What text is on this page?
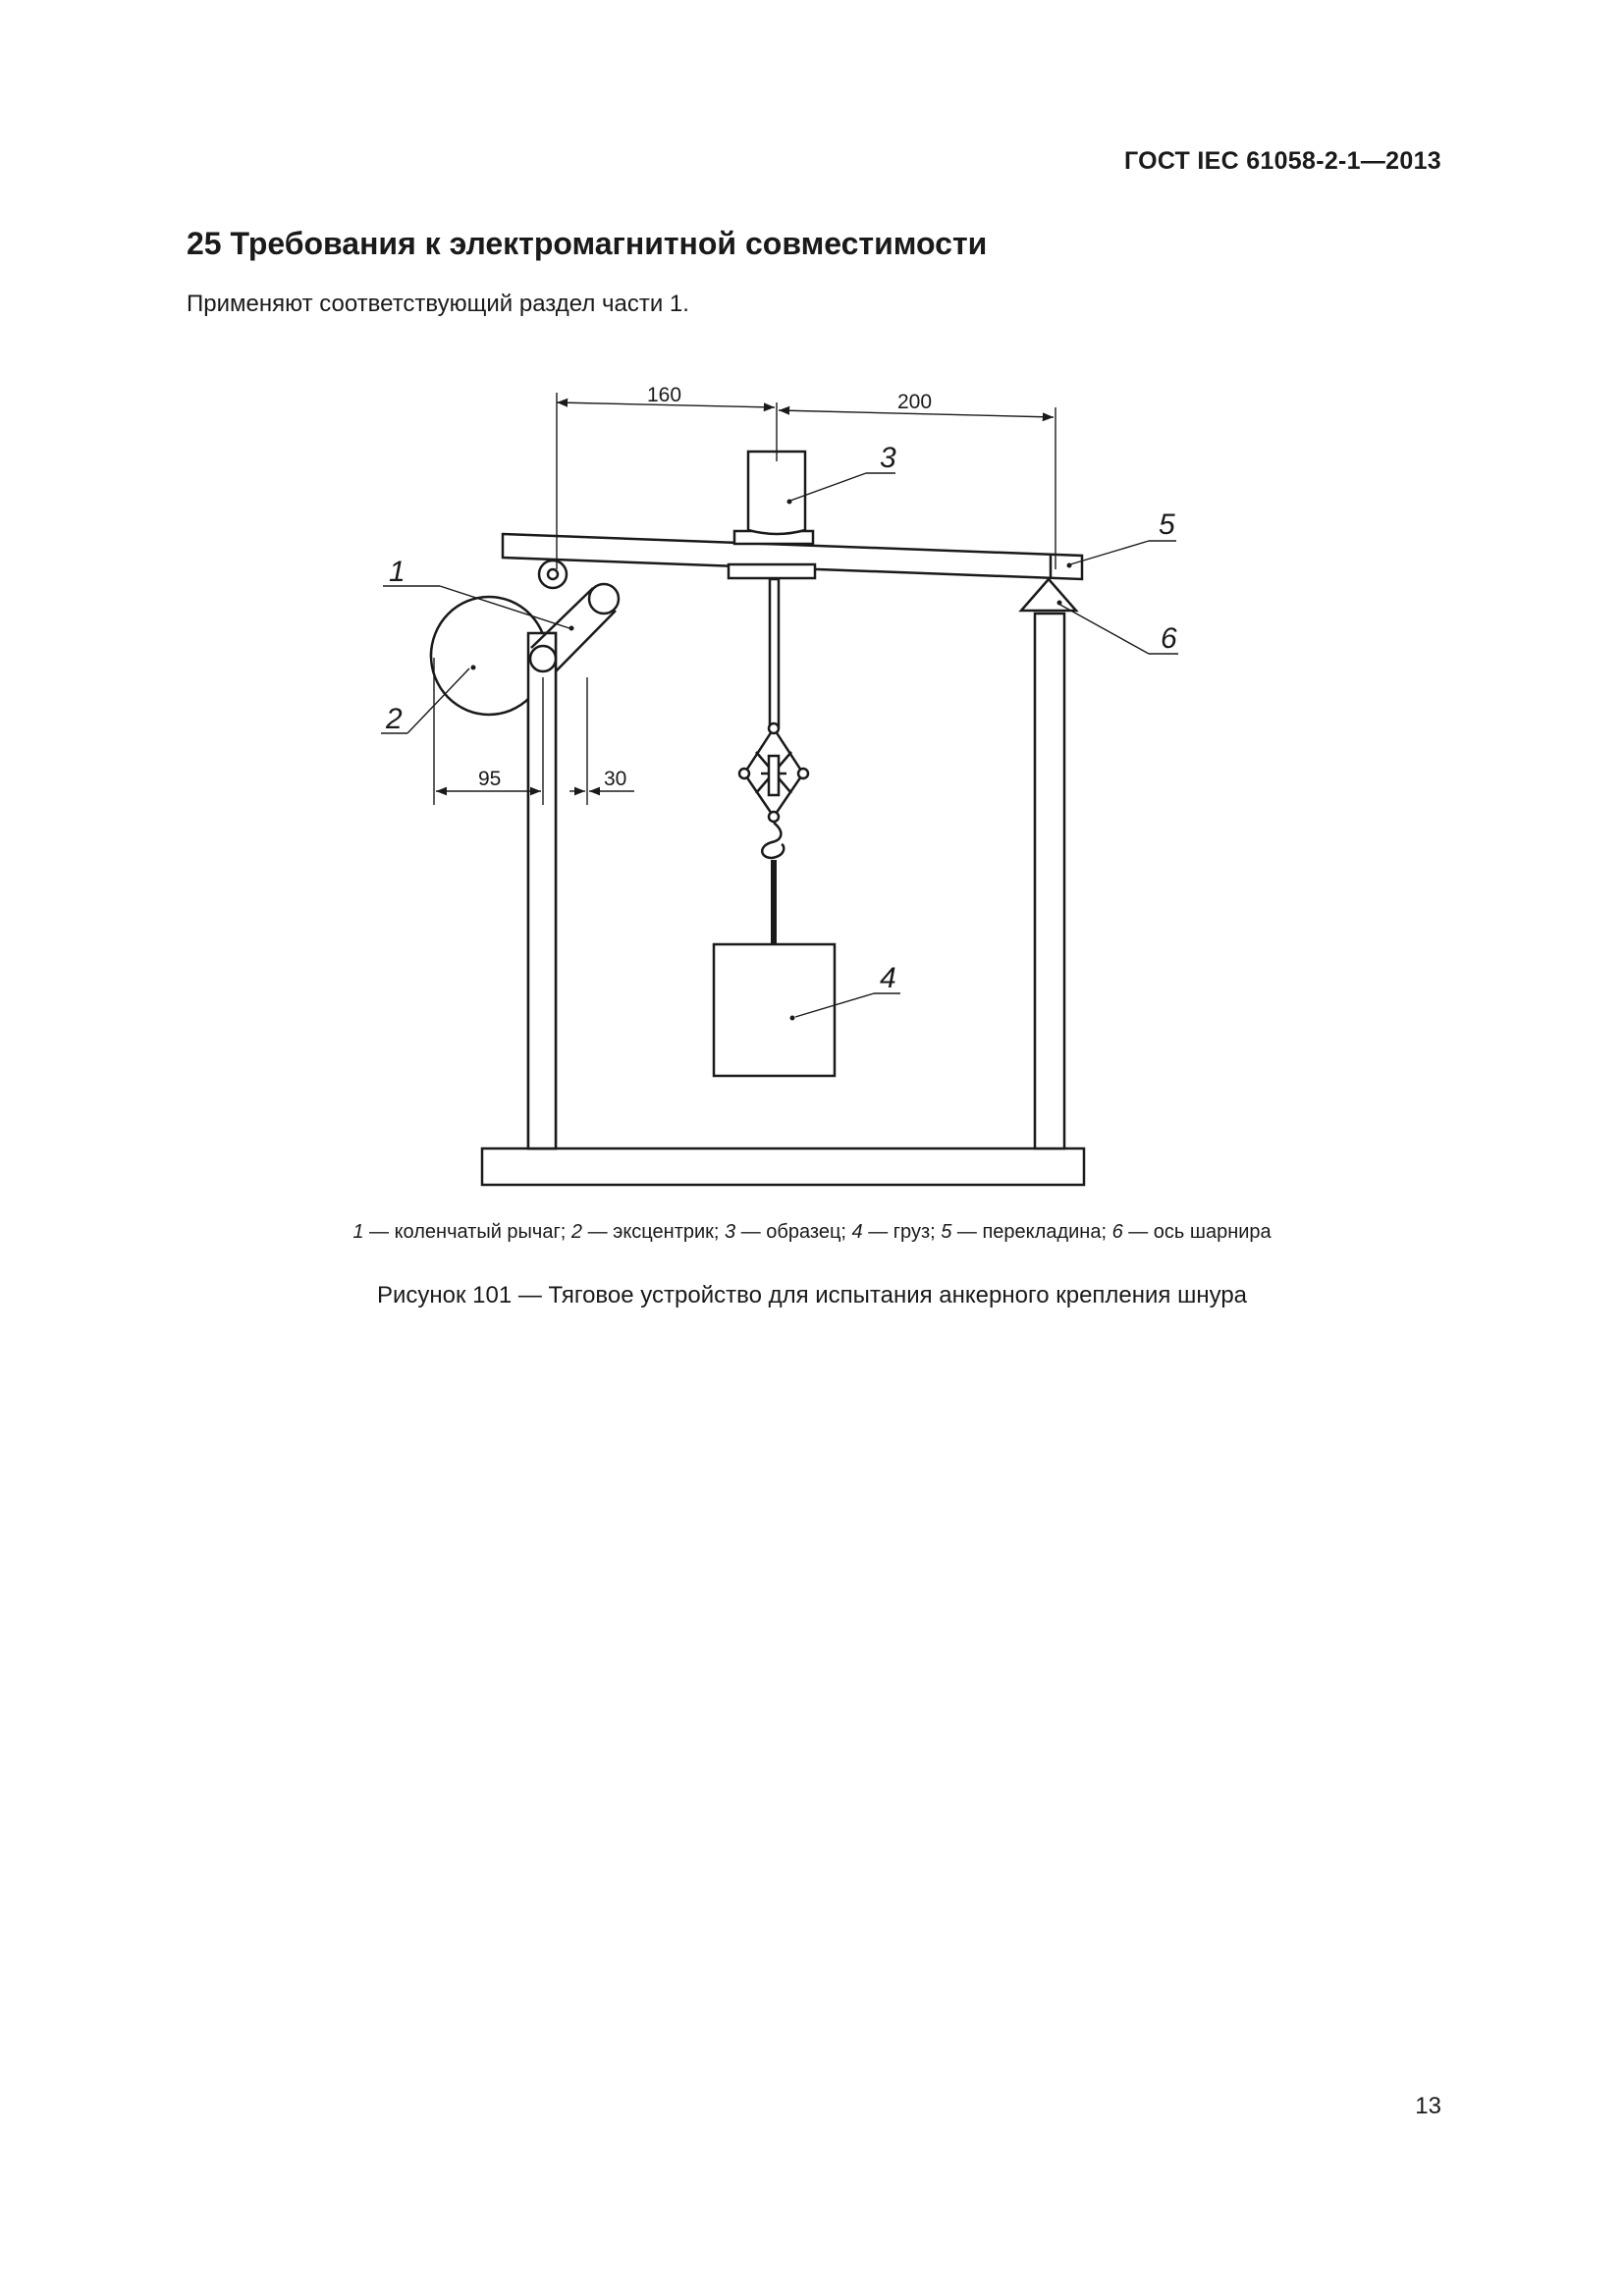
ГОСТ IEC 61058-2-1—2013
25 Требования к электромагнитной совместимости

Применяют соответствующий раздел части 1.

160	200
95	30
1
2
3
4
5
6
1 — коленчатый рычаг; 2 — эксцентрик; 3 — образец; 4 — груз; 5 — перекладина; 6 — ось шарнира
Рисунок 101 — Тяговое устройство для испытания анкерного крепления шнура
13
